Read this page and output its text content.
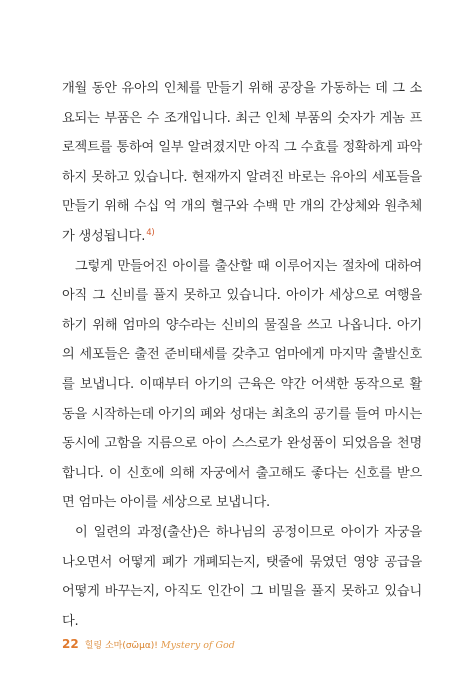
개월 동안 유아의 인체를 만들기 위해 공장을 가동하는 데 그 소요되는 부품은 수 조개입니다. 최근 인체 부품의 숫자가 게놈 프로젝트를 통하여 일부 알려졌지만 아직 그 수효를 정확하게 파악하지 못하고 있습니다. 현재까지 알려진 바로는 유아의 세포들을 만들기 위해 수십 억 개의 혈구와 수백 만 개의 간상체와 원추체가 생성됩니다.$^{4)}$

그렇게 만들어진 아이를 출산할 때 이루어지는 절차에 대하여 아직 그 신비를 풀지 못하고 있습니다. 아이가 세상으로 여행을 하기 위해 엄마의 양수라는 신비의 물질을 쓰고 나옵니다. 아기의 세포들은 출전 준비태세를 갖추고 엄마에게 마지막 출발신호를 보냅니다. 이때부터 아기의 근육은 약간 어색한 동작으로 활동을 시작하는데 아기의 폐와 성대는 최초의 공기를 들여 마시는 동시에 고함을 지름으로 아이 스스로가 완성품이 되었음을 천명합니다. 이 신호에 의해 자궁에서 출고해도 좋다는 신호를 받으면 엄마는 아이를 세상으로 보냅니다.

이 일련의 과정(출산)은 하나님의 공정이므로 아이가 자궁을 나오면서 어떻게 폐가 개폐되는지, 탯줄에 묶였던 영양 공급을 어떻게 바꾸는지, 아직도 인간이 그 비밀을 풀지 못하고 있습니다.

22 힐링 소마(σῶμα)! Mystery of God
